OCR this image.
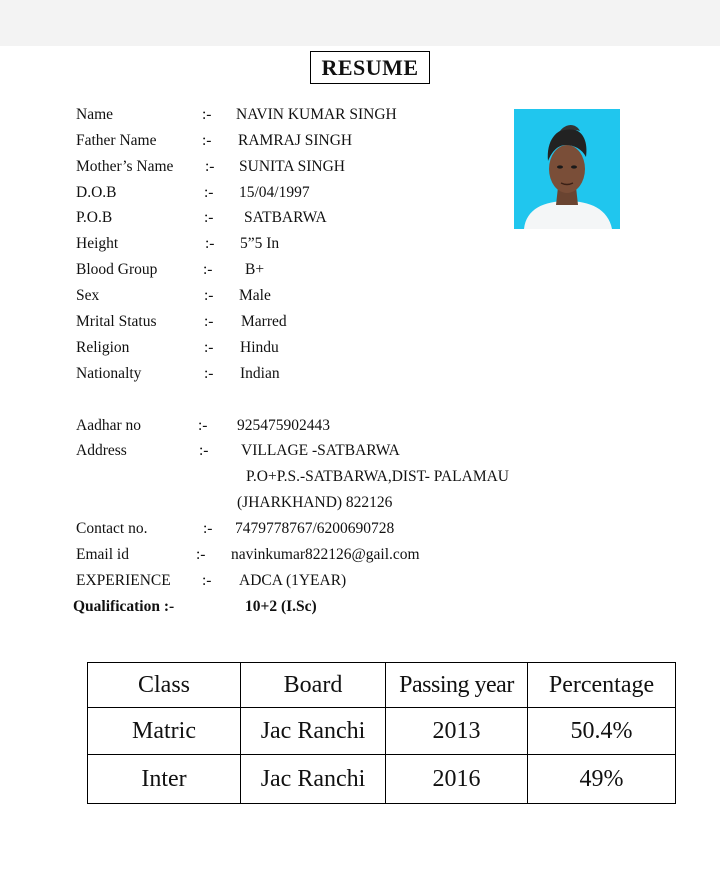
RESUME
Name	:- NAVIN KUMAR SINGH
Father Name	:- RAMRAJ SINGH
Mother’s Name :- SUNITA SINGH
D.O.B	:- 15/04/1997
P.O.B	:- SATBARWA
Height	:- 5”5 In
Blood Group	:- B+
Sex	:- Male
Mrital Status	:- Marred
Religion	:- Hindu
Nationalty	:- Indian
Aadhar no	:- 925475902443
Address	:- VILLAGE -SATBARWA
P.O+P.S.-SATBARWA,DIST- PALAMAU
(JHARKHAND) 822126
Contact no.	:- 7479778767/6200690728
Email id	:- navinkumar822126@gail.com
EXPERIENCE :- ADCA (1YEAR)
Qualification :-	10+2 (I.Sc)
Class	Board	Passing year	Percentage
Matric	Jac Ranchi	2013	50.4%
Inter	Jac Ranchi	2016	49%
